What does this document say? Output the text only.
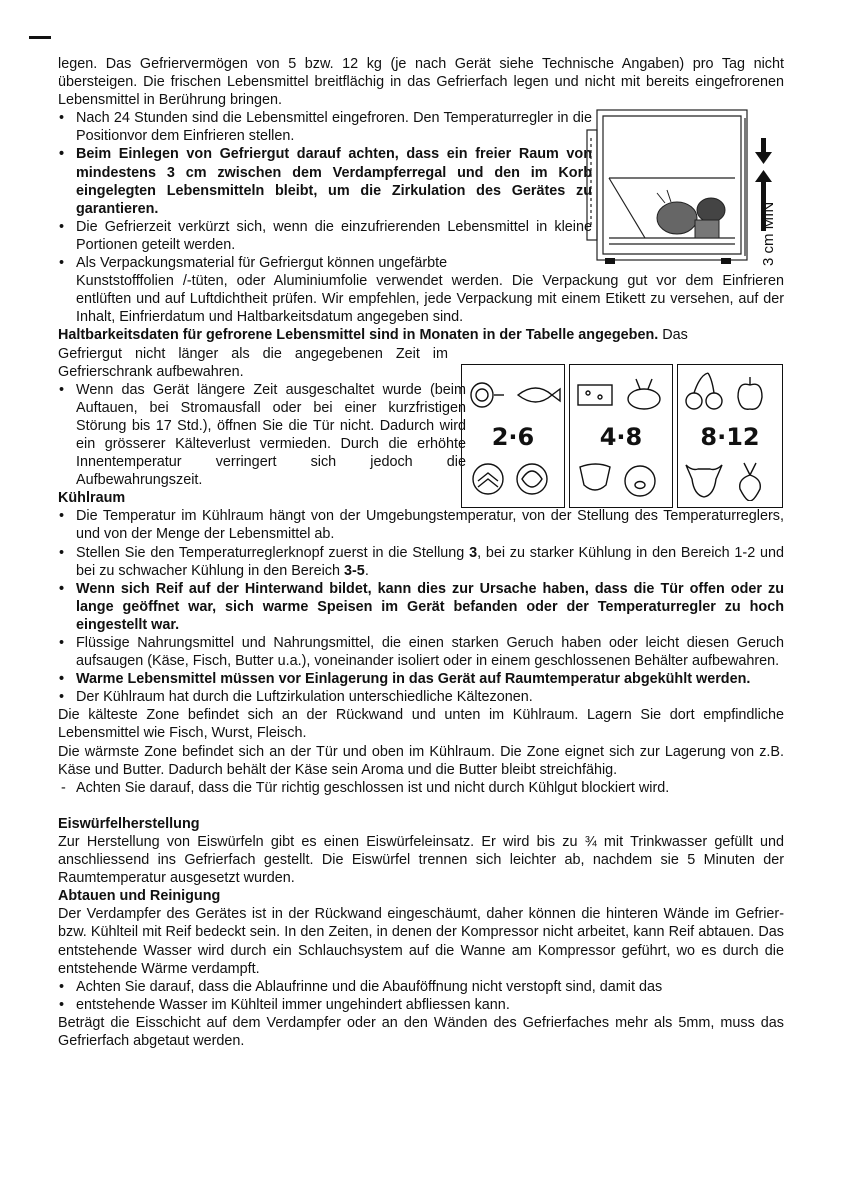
legen. Das Gefriervermögen von 5 bzw. 12 kg (je nach Gerät siehe Technische Angaben) pro Tag nicht übersteigen. Die frischen Lebensmittel breitflächig in das Gefrierfach legen und nicht mit bereits eingefrorenen Lebensmittel in Berührung bringen.

• Nach 24 Stunden sind die Lebensmittel eingefroren. Den Temperaturregler in die Positionvor dem Einfrieren stellen.

• Beim Einlegen von Gefriergut darauf achten, dass ein freier Raum von mindestens 3 cm zwischen dem Verdampferregal und den im Korb eingelegten Lebensmitteln bleibt, um die Zirkulation des Gerätes zu garantieren.

• Die Gefrierzeit verkürzt sich, wenn die einzufrierenden Lebensmittel in kleine Portionen geteilt werden.

• Als Verpackungsmaterial für Gefriergut können ungefärbte

Kunststofffolien /-tüten, oder Aluminiumfolie verwendet werden. Die Verpackung gut vor dem Einfrieren entlüften und auf Luftdichtheit prüfen. Wir empfehlen, jede Verpackung mit einem Etikett zu versehen, auf der Inhalt, Einfrierdatum und Haltbarkeitsdatum angegeben sind.

Haltbarkeitsdaten für gefrorene Lebensmittel sind in Monaten in der Tabelle angegeben. Das

Gefriergut nicht länger als die angegebenen Zeit im Gefrierschrank aufbewahren.

• Wenn das Gerät längere Zeit ausgeschaltet wurde (beim Auftauen, bei Stromausfall oder bei einer kurzfristigen Störung bis 17 Std.), öffnen Sie die Tür nicht. Dadurch wird ein grösserer Kälteverlust vermieden. Durch die erhöhte Innentemperatur verringert sich jedoch die Aufbewahrungszeit.

Kühlraum

• Die Temperatur im Kühlraum hängt von der Umgebungstemperatur, von der Stellung des Temperaturreglers, und von der Menge der Lebensmittel ab.

• Stellen Sie den Temperaturreglerknopf zuerst in die Stellung 3, bei zu starker Kühlung in den Bereich 1-2 und bei zu schwacher Kühlung in den Bereich 3-5.

• Wenn sich Reif auf der Hinterwand bildet, kann dies zur Ursache haben, dass die Tür offen oder zu lange geöffnet war, sich warme Speisen im Gerät befanden oder der Temperaturregler zu hoch eingestellt war.

• Flüssige Nahrungsmittel und Nahrungsmittel, die einen starken Geruch haben oder leicht diesen Geruch aufsaugen (Käse, Fisch, Butter u.a.), voneinander isoliert oder in einem geschlossenen Behälter aufbewahren.

• Warme Lebensmittel müssen vor Einlagerung in das Gerät auf Raumtemperatur abgekühlt werden.

• Der Kühlraum hat durch die Luftzirkulation unterschiedliche Kältezonen.

Die kälteste Zone befindet sich an der Rückwand und unten im Kühlraum. Lagern Sie dort empfindliche Lebensmittel wie Fisch, Wurst, Fleisch.

Die wärmste Zone befindet sich an der Tür und oben im Kühlraum. Die Zone eignet sich zur Lagerung von z.B. Käse und Butter. Dadurch behält der Käse sein Aroma und die Butter bleibt streichfähig.

- Achten Sie darauf, dass die Tür richtig geschlossen ist und nicht durch Kühlgut blockiert wird.

Eiswürfelherstellung

Zur Herstellung von Eiswürfeln gibt es einen Eiswürfeleinsatz. Er wird bis zu ¾ mit Trinkwasser gefüllt und anschliessend ins Gefrierfach gestellt. Die Eiswürfel trennen sich leichter ab, nachdem sie 5 Minuten der Raumtemperatur ausgesetzt wurden.

Abtauen und Reinigung

Der Verdampfer des Gerätes ist in der Rückwand eingeschäumt, daher können die hinteren Wände im Gefrier- bzw. Kühlteil mit Reif bedeckt sein. In den Zeiten, in denen der Kompressor nicht arbeitet, kann Reif abtauen. Das entstehende Wasser wird durch ein Schlauchsystem auf die Wanne am Kompressor geführt, wo es durch die entstehende Wärme verdampft.

• Achten Sie darauf, dass die Ablaufrinne und die Abauföffnung nicht verstopft sind, damit das

• entstehende Wasser im Kühlteil immer ungehindert abfliessen kann.

Beträgt die Eisschicht auf dem Verdampfer oder an den Wänden des Gefrierfaches mehr als 5mm, muss das Gefrierfach abgetaut werden.

3 cm MIN
2·6	4·8	8·12
